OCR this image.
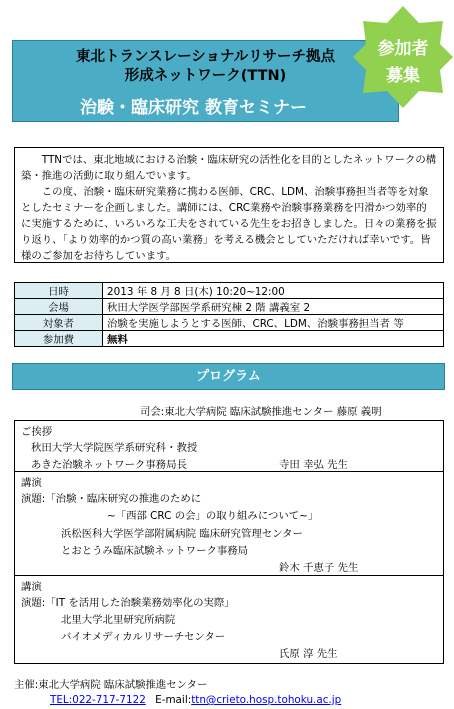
東北トランスレーショナルリサーチ拠点
形成ネットワーク(TTN)
治験・臨床研究 教育セミナー
参加者
募集

TTNでは、東北地域における治験・臨床研究の活性化を目的としたネットワークの構築・推進の活動に取り組んでいます。

この度、治験・臨床研究業務に携わる医師、CRC、LDM、治験事務担当者等を対象としたセミナーを企画しました。講師には、CRC業務や治験事務業務を円滑かつ効率的に実施するために、いろいろな工夫をされている先生をお招きしました。日々の業務を振り返り、「より効率的かつ質の高い業務」を考える機会としていただければ幸いです。皆様のご参加をお待ちしています。

日時	2013 年 8 月 8 日(木) 10:20~12:00
会場	秋田大学医学部医学系研究棟 2 階 講義室 2
対象者	治験を実施しようとする医師、CRC、LDM、治験事務担当者 等
参加費	無料
プログラム
司会:東北大学病院 臨床試験推進センター 藤原 義明
ご挨拶
秋田大学大学院医学系研究科・教授
あきた治験ネットワーク事務局長	寺田 幸弘 先生
講演
演題:「治験・臨床研究の推進のために
~「西部 CRC の会」の取り組みについて~」
浜松医科大学医学部附属病院 臨床研究管理センター
とおとうみ臨床試験ネットワーク事務局
鈴木 千恵子 先生
講演
演題:「IT を活用した治験業務効率化の実際」
北里大学北里研究所病院
バイオメディカルリサーチセンター
氏原 淳 先生
主催:東北大学病院 臨床試験推進センター
TEL:022-717-7122 E-mail:ttn@crieto.hosp.tohoku.ac.jp
